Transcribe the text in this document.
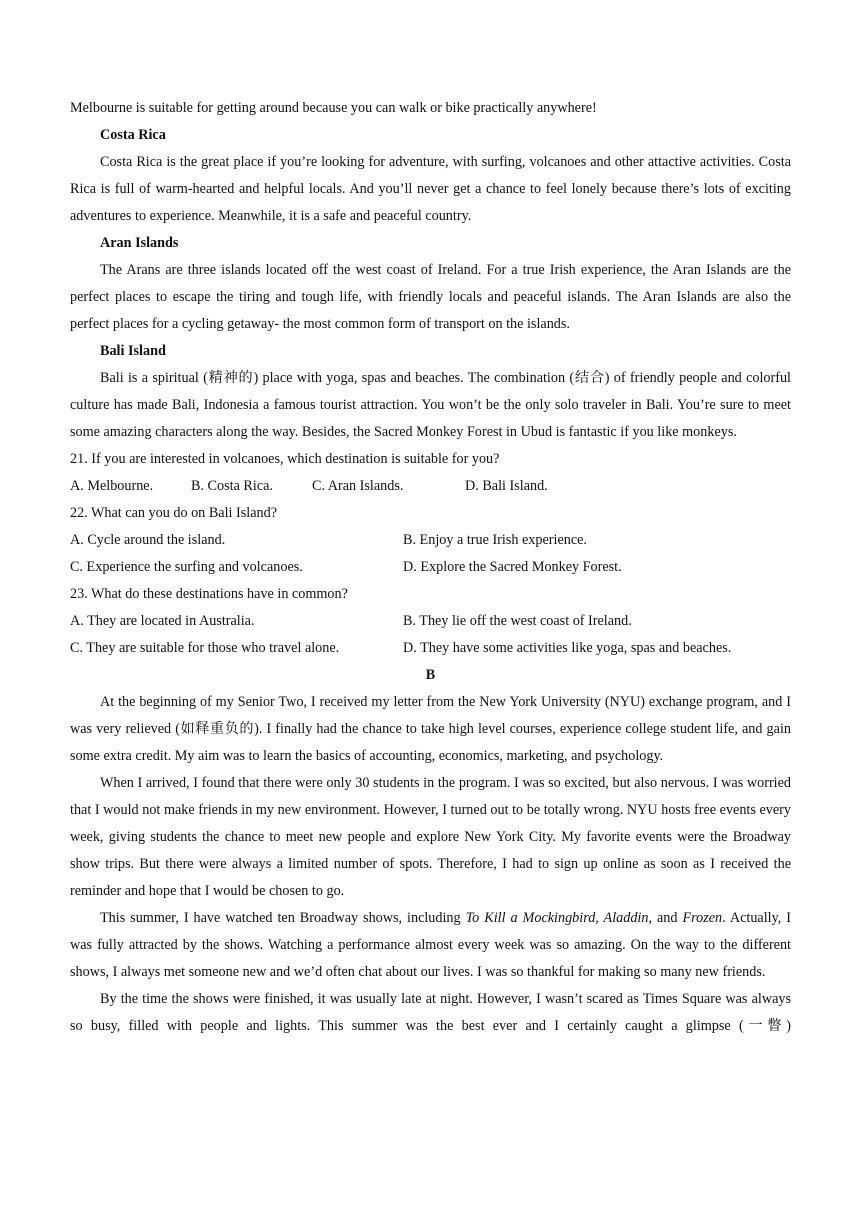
Melbourne is suitable for getting around because you can walk or bike practically anywhere!

Costa Rica

Costa Rica is the great place if you’re looking for adventure, with surfing, volcanoes and other attactive activities. Costa Rica is full of warm-hearted and helpful locals. And you’ll never get a chance to feel lonely because there’s lots of exciting adventures to experience. Meanwhile, it is a safe and peaceful country.

Aran Islands

The Arans are three islands located off the west coast of Ireland. For a true Irish experience, the Aran Islands are the perfect places to escape the tiring and tough life, with friendly locals and peaceful islands. The Aran Islands are also the perfect places for a cycling getaway- the most common form of transport on the islands.

Bali Island

Bali is a spiritual (精神的) place with yoga, spas and beaches. The combination (结合) of friendly people and colorful culture has made Bali, Indonesia a famous tourist attraction. You won’t be the only solo traveler in Bali. You’re sure to meet some amazing characters along the way. Besides, the Sacred Monkey Forest in Ubud is fantastic if you like monkeys.

21. If you are interested in volcanoes, which destination is suitable for you?

A. Melbourne.	B. Costa Rica.	C. Aran Islands.	D. Bali Island.

22. What can you do on Bali Island?

A. Cycle around the island.	B. Enjoy a true Irish experience.
C. Experience the surfing and volcanoes.	D. Explore the Sacred Monkey Forest.

23. What do these destinations have in common?

A. They are located in Australia.	B. They lie off the west coast of Ireland.
C. They are suitable for those who travel alone.	D. They have some activities like yoga, spas and beaches.

B

At the beginning of my Senior Two, I received my letter from the New York University (NYU) exchange program, and I was very relieved (如释重负的). I finally had the chance to take high level courses, experience college student life, and gain some extra credit. My aim was to learn the basics of accounting, economics, marketing, and psychology.

When I arrived, I found that there were only 30 students in the program. I was so excited, but also nervous. I was worried that I would not make friends in my new environment. However, I turned out to be totally wrong. NYU hosts free events every week, giving students the chance to meet new people and explore New York City. My favorite events were the Broadway show trips. But there were always a limited number of spots. Therefore, I had to sign up online as soon as I received the reminder and hope that I would be chosen to go.

This summer, I have watched ten Broadway shows, including To Kill a Mockingbird, Aladdin, and Frozen. Actually, I was fully attracted by the shows. Watching a performance almost every week was so amazing. On the way to the different shows, I always met someone new and we’d often chat about our lives. I was so thankful for making so many new friends.

By the time the shows were finished, it was usually late at night. However, I wasn’t scared as Times Square was always so busy, filled with people and lights. This summer was the best ever and I certainly caught a glimpse (一瞥)
